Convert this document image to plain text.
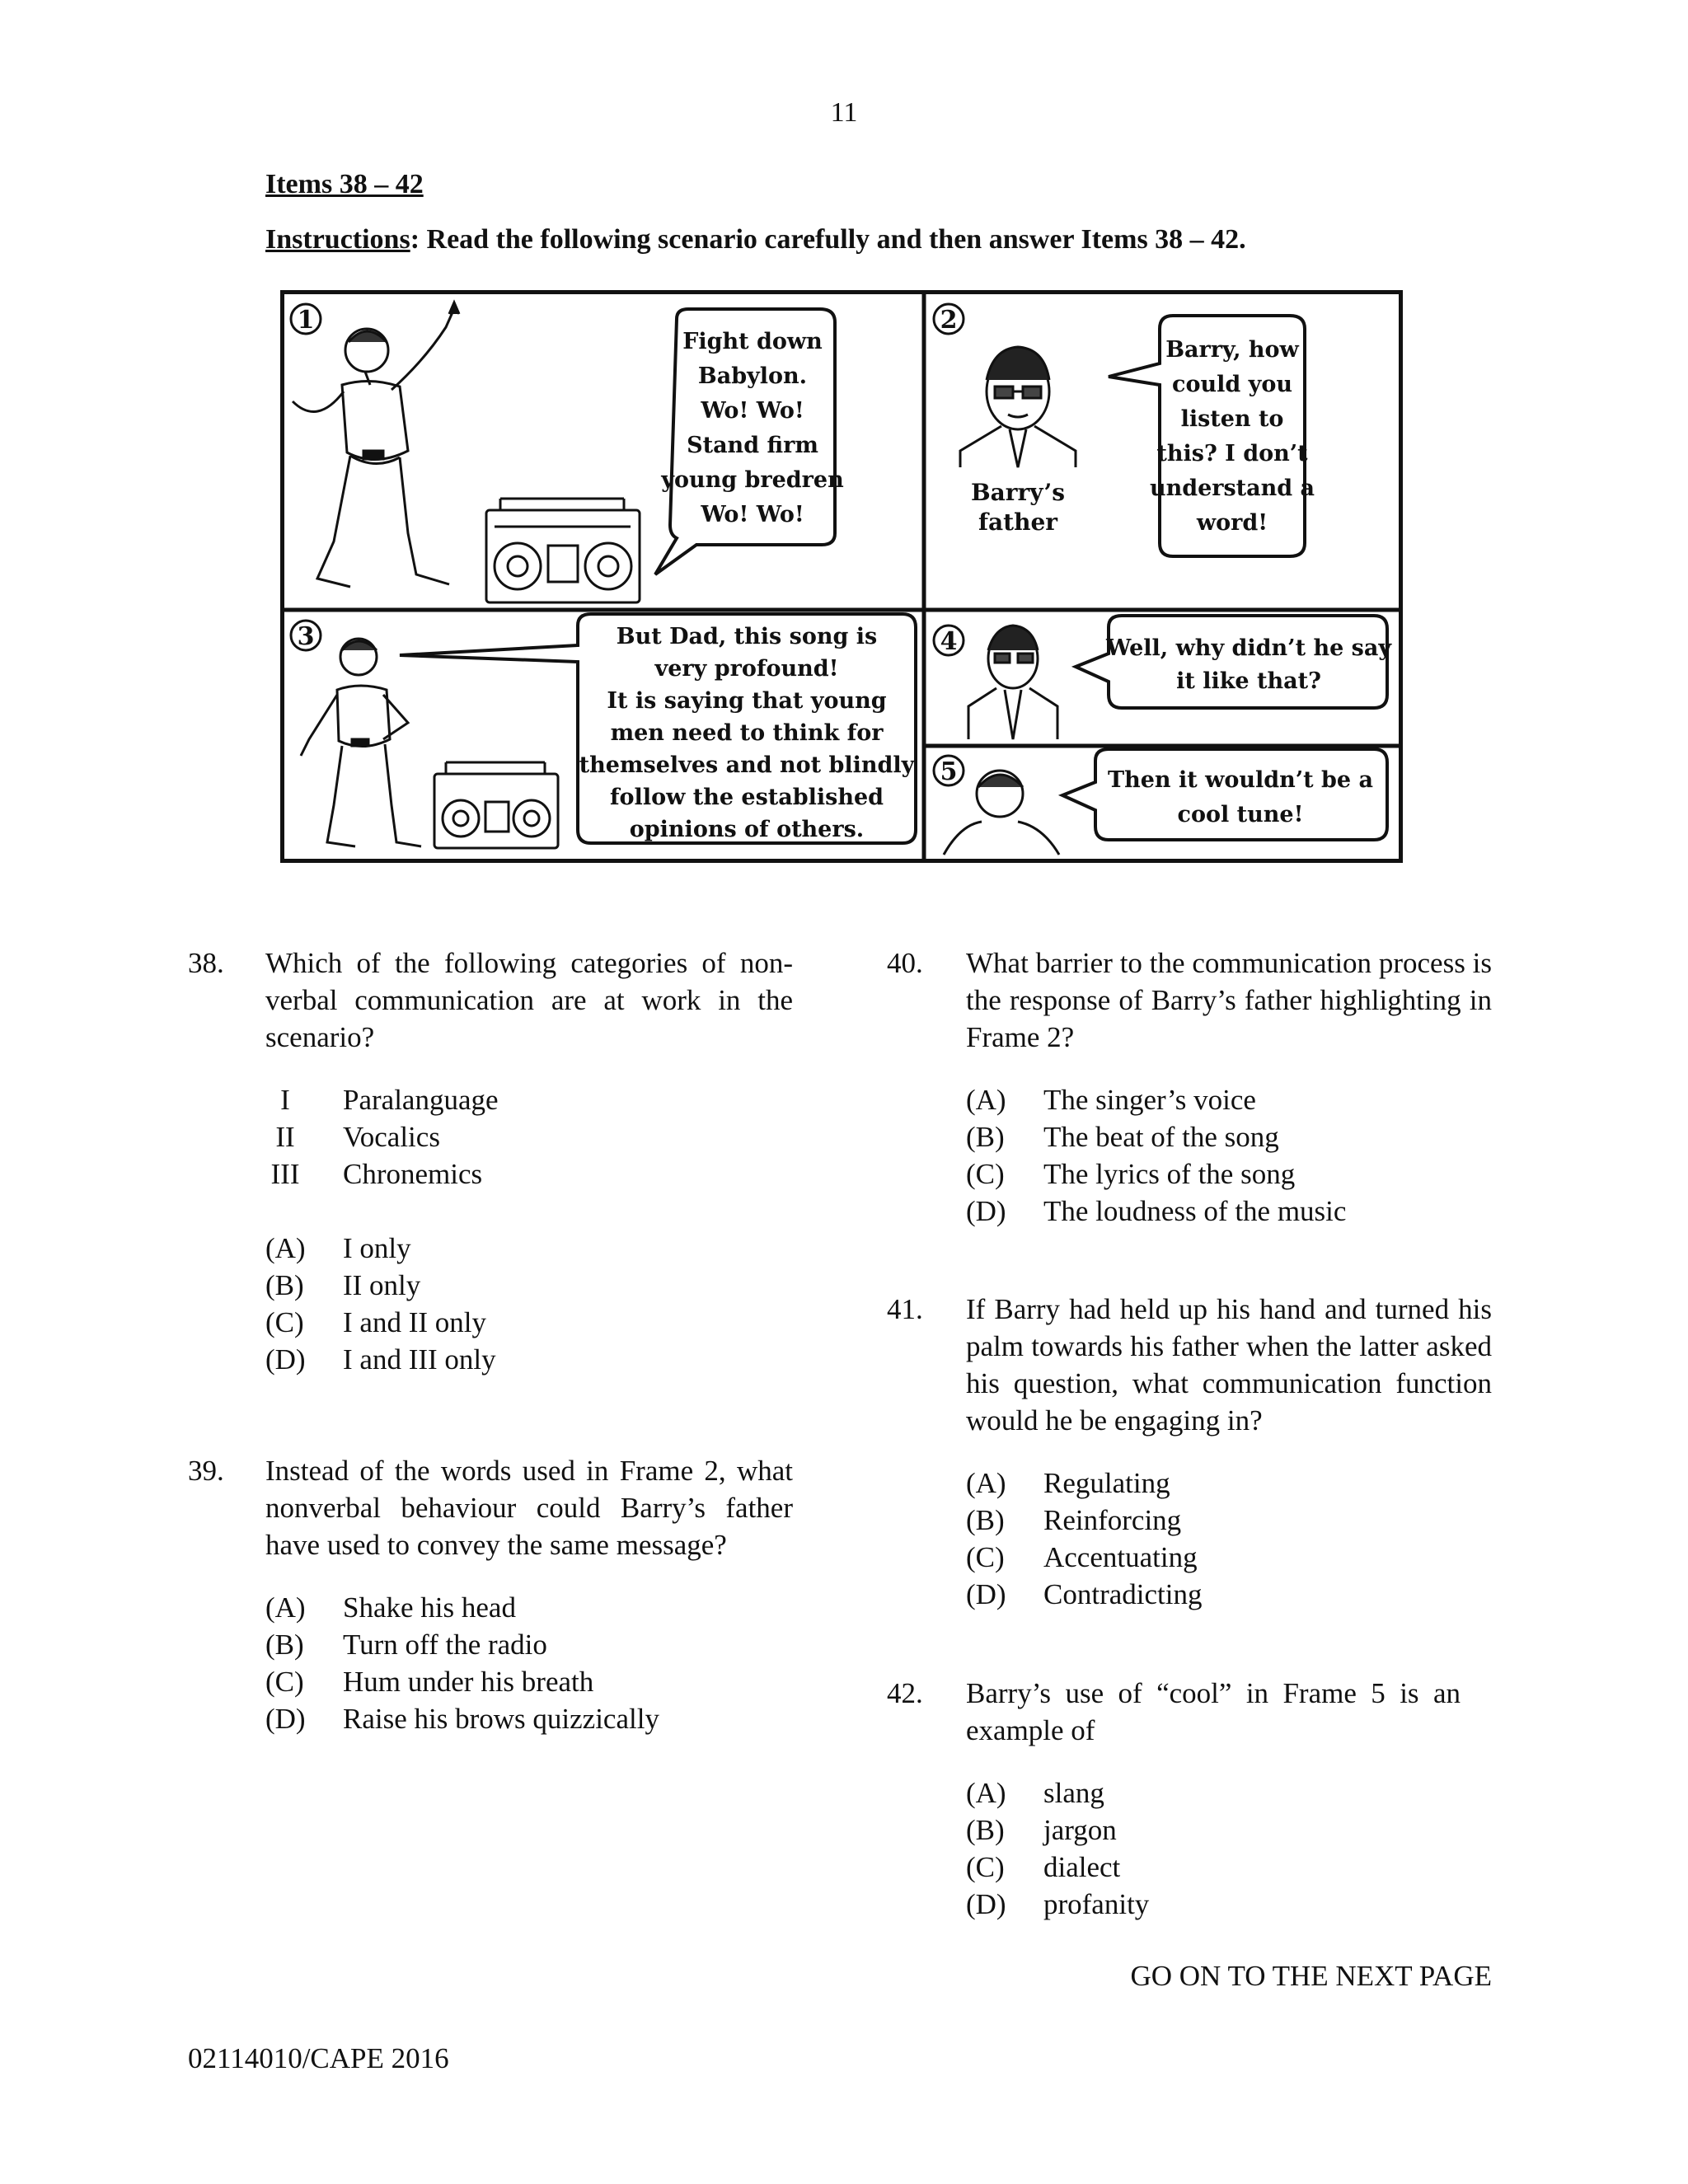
11
Items 38 – 42
Instructions: Read the following scenario carefully and then answer Items 38 – 42.
1
Fight down
Babylon.
Wo! Wo!
Stand firm
young bredren
Wo! Wo!
2
Barry’s
father
Barry, how
could you
listen to
this? I don’t
understand a
word!
3	But Dad, this song is
very profound!
It is saying that young
men need to think for
themselves and not blindly
follow the established
opinions of others.
4	Well, why didn’t he say
it like that?
5	Then it wouldn’t be a
cool tune!
38. Which of the following categories of non-verbal communication are at work in the scenario?
I	Paralanguage
II	Vocalics
III	Chronemics
(A) I only
(B) II only
(C) I and II only
(D) I and III only
39. Instead of the words used in Frame 2, what nonverbal behaviour could Barry’s father have used to convey the same message?
(A) Shake his head
(B) Turn off the radio
(C) Hum under his breath
(D) Raise his brows quizzically
40. What barrier to the communication process is the response of Barry’s father highlighting in Frame 2?
(A) The singer’s voice
(B) The beat of the song
(C) The lyrics of the song
(D) The loudness of the music
41. If Barry had held up his hand and turned his palm towards his father when the latter asked his question, what communication function would he be engaging in?
(A) Regulating
(B) Reinforcing
(C) Accentuating
(D) Contradicting
42. Barry’s use of “cool” in Frame 5 is an example of
(A) slang
(B) jargon
(C) dialect
(D) profanity
GO ON TO THE NEXT PAGE
02114010/CAPE 2016
